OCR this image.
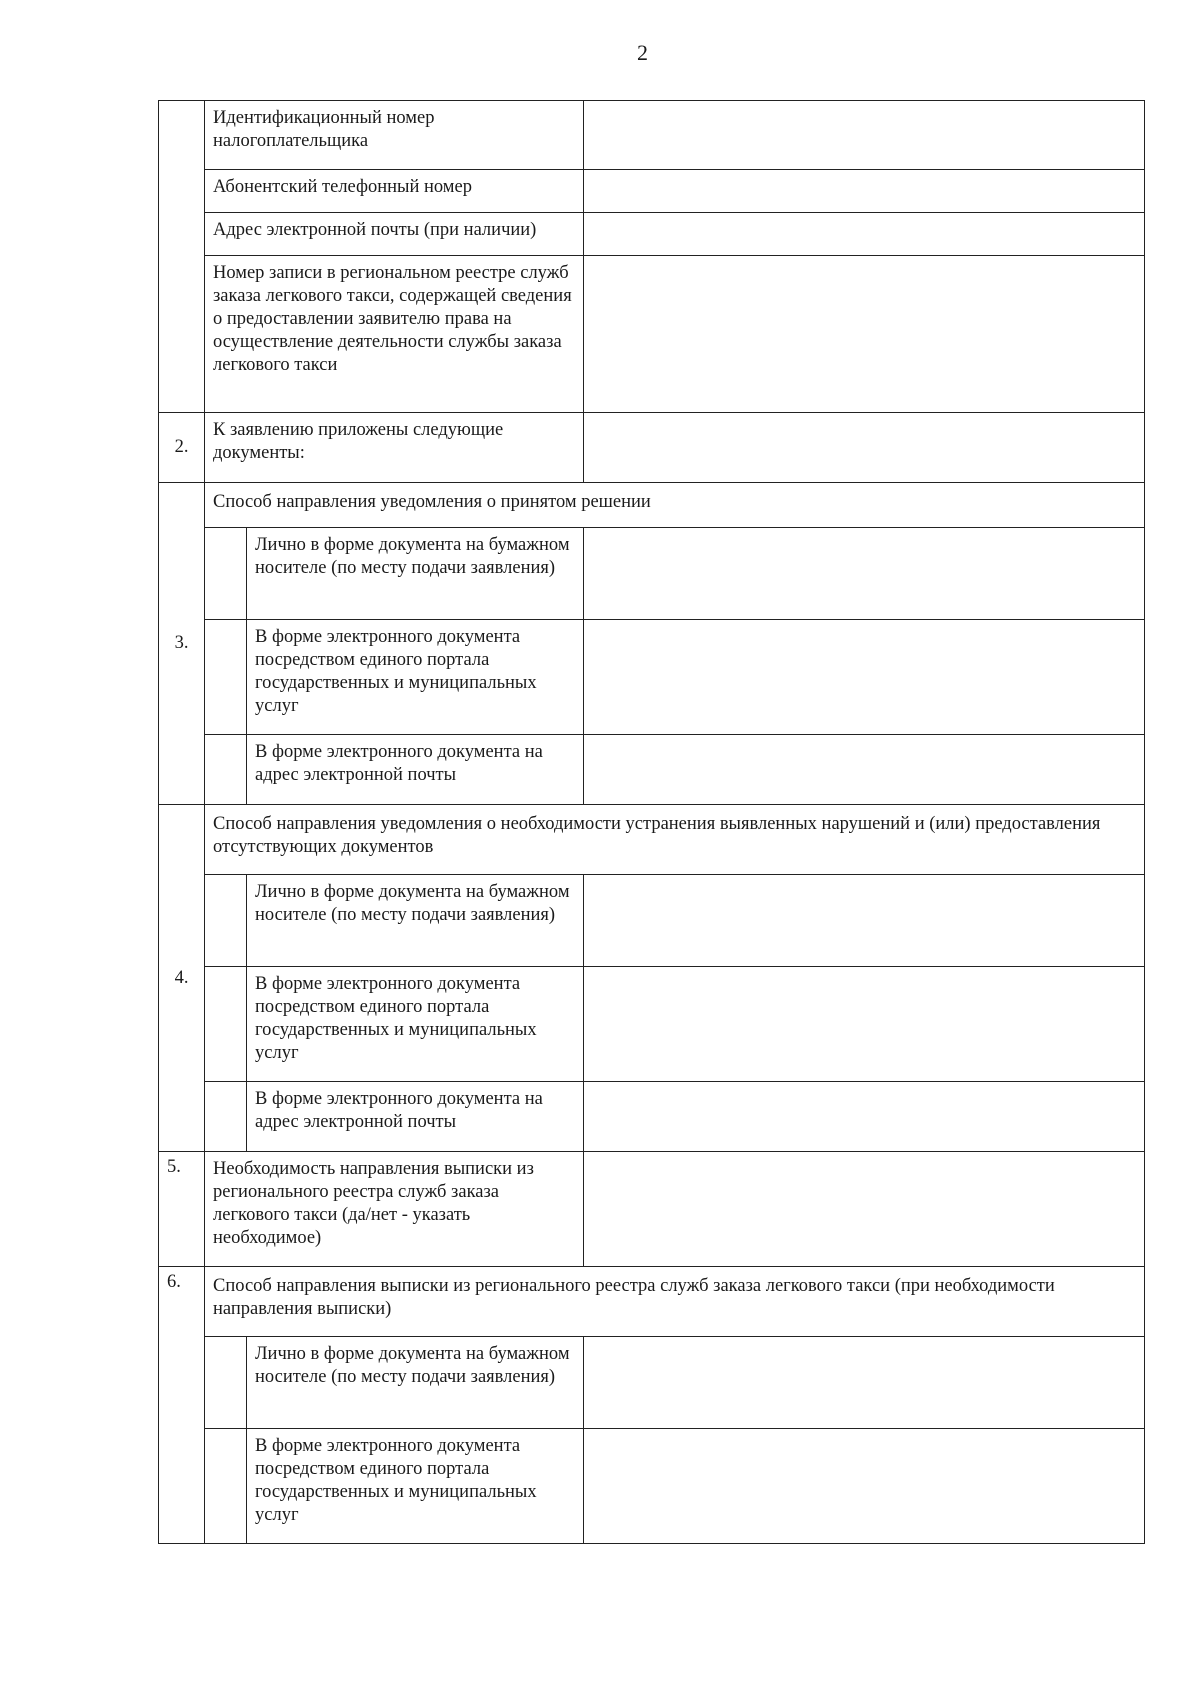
2
	Идентификационный номер налогоплательщика		
	Абонентский телефонный номер		
	Адрес электронной почты (при наличии)		
	Номер записи в региональном реестре служб заказа легкового такси, содержащей сведения о предоставлении заявителю права на осуществление деятельности службы заказа легкового такси		
2.	К заявлению приложены следующие документы:		
3.	Способ направления уведомления о принятом решении		
		Лично в форме документа на бумажном носителе (по месту подачи заявления)	
		В форме электронного документа посредством единого портала государственных и муниципальных услуг	
		В форме электронного документа на адрес электронной почты	
4.	Способ направления уведомления о необходимости устранения выявленных нарушений и (или) предоставления отсутствующих документов		
		Лично в форме документа на бумажном носителе (по месту подачи заявления)	
		В форме электронного документа посредством единого портала государственных и муниципальных услуг	
		В форме электронного документа на адрес электронной почты	
5.	Необходимость направления выписки из регионального реестра служб заказа легкового такси (да/нет - указать необходимое)		
6.	Способ направления выписки из регионального реестра служб заказа легкового такси (при необходимости направления выписки)		
		Лично в форме документа на бумажном носителе (по месту подачи заявления)	
		В форме электронного документа посредством единого портала государственных и муниципальных услуг	
